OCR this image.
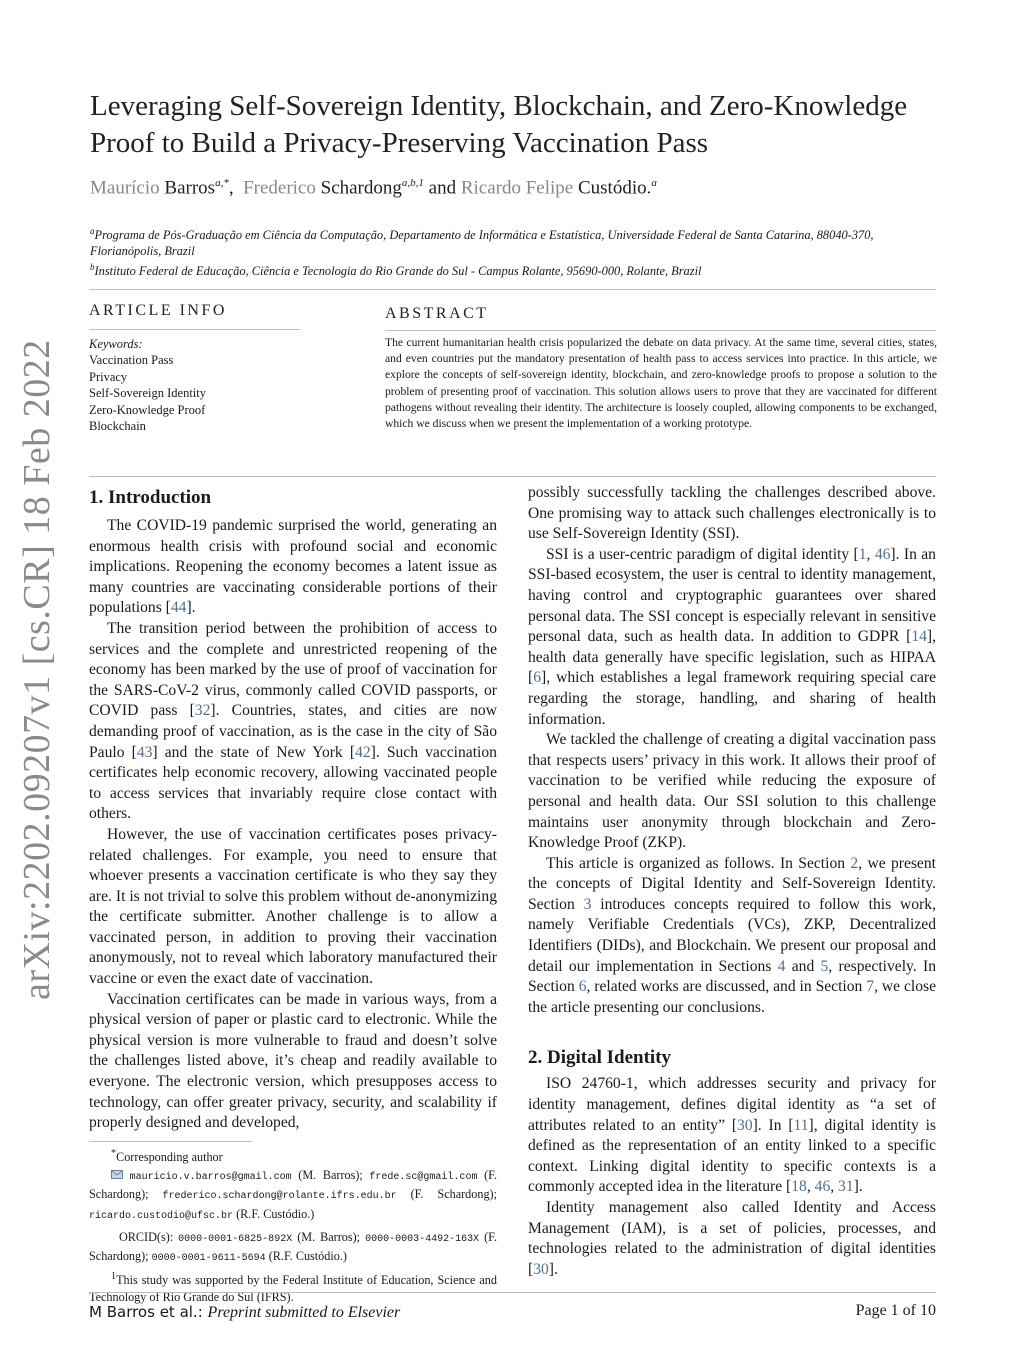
arXiv:2202.09207v1 [cs.CR] 18 Feb 2022
Leveraging Self-Sovereign Identity, Blockchain, and Zero-Knowledge Proof to Build a Privacy-Preserving Vaccination Pass
Maurício Barros$^{a,*}$,  Frederico Schardong$^{a,b,1}$ and Ricardo Felipe Custódio.$^a$
$^a$Programa de Pós-Graduação em Ciência da Computação, Departamento de Informática e Estatística, Universidade Federal de Santa Catarina, 88040-370, Florianópolis, Brazil
$^b$Instituto Federal de Educação, Ciência e Tecnologia do Rio Grande do Sul - Campus Rolante, 95690-000, Rolante, Brazil
ARTICLE INFO
Keywords:
Vaccination Pass
Privacy
Self-Sovereign Identity
Zero-Knowledge Proof
Blockchain
ABSTRACT
The current humanitarian health crisis popularized the debate on data privacy. At the same time, several cities, states, and even countries put the mandatory presentation of health pass to access services into practice. In this article, we explore the concepts of self-sovereign identity, blockchain, and zero-knowledge proofs to propose a solution to the problem of presenting proof of vaccination. This solution allows users to prove that they are vaccinated for different pathogens without revealing their identity. The architecture is loosely coupled, allowing components to be exchanged, which we discuss when we present the implementation of a working prototype.
1. Introduction

The COVID-19 pandemic surprised the world, generating an enormous health crisis with profound social and economic implications. Reopening the economy becomes a latent issue as many countries are vaccinating considerable portions of their populations [44].

The transition period between the prohibition of access to services and the complete and unrestricted reopening of the economy has been marked by the use of proof of vaccination for the SARS-CoV-2 virus, commonly called COVID passports, or COVID pass [32]. Countries, states, and cities are now demanding proof of vaccination, as is the case in the city of São Paulo [43] and the state of New York [42]. Such vaccination certificates help economic recovery, allowing vaccinated people to access services that invariably require close contact with others.

However, the use of vaccination certificates poses privacy-related challenges. For example, you need to ensure that whoever presents a vaccination certificate is who they say they are. It is not trivial to solve this problem without de-anonymizing the certificate submitter. Another challenge is to allow a vaccinated person, in addition to proving their vaccination anonymously, not to reveal which laboratory manufactured their vaccine or even the exact date of vaccination.

Vaccination certificates can be made in various ways, from a physical version of paper or plastic card to electronic. While the physical version is more vulnerable to fraud and doesn’t solve the challenges listed above, it’s cheap and readily available to everyone. The electronic version, which presupposes access to technology, can offer greater privacy, security, and scalability if properly designed and developed,

*Corresponding author
mauricio.v.barros@gmail.com (M. Barros); frede.sc@gmail.com (F. Schardong); frederico.schardong@rolante.ifrs.edu.br (F. Schardong); ricardo.custodio@ufsc.br (R.F. Custódio.)
ORCID(s): 0000-0001-6825-892X (M. Barros); 0000-0003-4492-163X (F. Schardong); 0000-0001-9611-5694 (R.F. Custódio.)
$^1$This study was supported by the Federal Institute of Education, Science and Technology of Rio Grande do Sul (IFRS).

possibly successfully tackling the challenges described above. One promising way to attack such challenges electronically is to use Self-Sovereign Identity (SSI).

SSI is a user-centric paradigm of digital identity [1, 46]. In an SSI-based ecosystem, the user is central to identity management, having control and cryptographic guarantees over shared personal data. The SSI concept is especially relevant in sensitive personal data, such as health data. In addition to GDPR [14], health data generally have specific legislation, such as HIPAA [6], which establishes a legal framework requiring special care regarding the storage, handling, and sharing of health information.

We tackled the challenge of creating a digital vaccination pass that respects users’ privacy in this work. It allows their proof of vaccination to be verified while reducing the exposure of personal and health data. Our SSI solution to this challenge maintains user anonymity through blockchain and Zero-Knowledge Proof (ZKP).

This article is organized as follows. In Section 2, we present the concepts of Digital Identity and Self-Sovereign Identity. Section 3 introduces concepts required to follow this work, namely Verifiable Credentials (VCs), ZKP, Decentralized Identifiers (DIDs), and Blockchain. We present our proposal and detail our implementation in Sections 4 and 5, respectively. In Section 6, related works are discussed, and in Section 7, we close the article presenting our conclusions.

2. Digital Identity

ISO 24760-1, which addresses security and privacy for identity management, defines digital identity as “a set of attributes related to an entity” [30]. In [11], digital identity is defined as the representation of an entity linked to a specific context. Linking digital identity to specific contexts is a commonly accepted idea in the literature [18, 46, 31].

Identity management also called Identity and Access Management (IAM), is a set of policies, processes, and technologies related to the administration of digital identities [30].

M Barros et al.: Preprint submitted to Elsevier	Page 1 of 10
